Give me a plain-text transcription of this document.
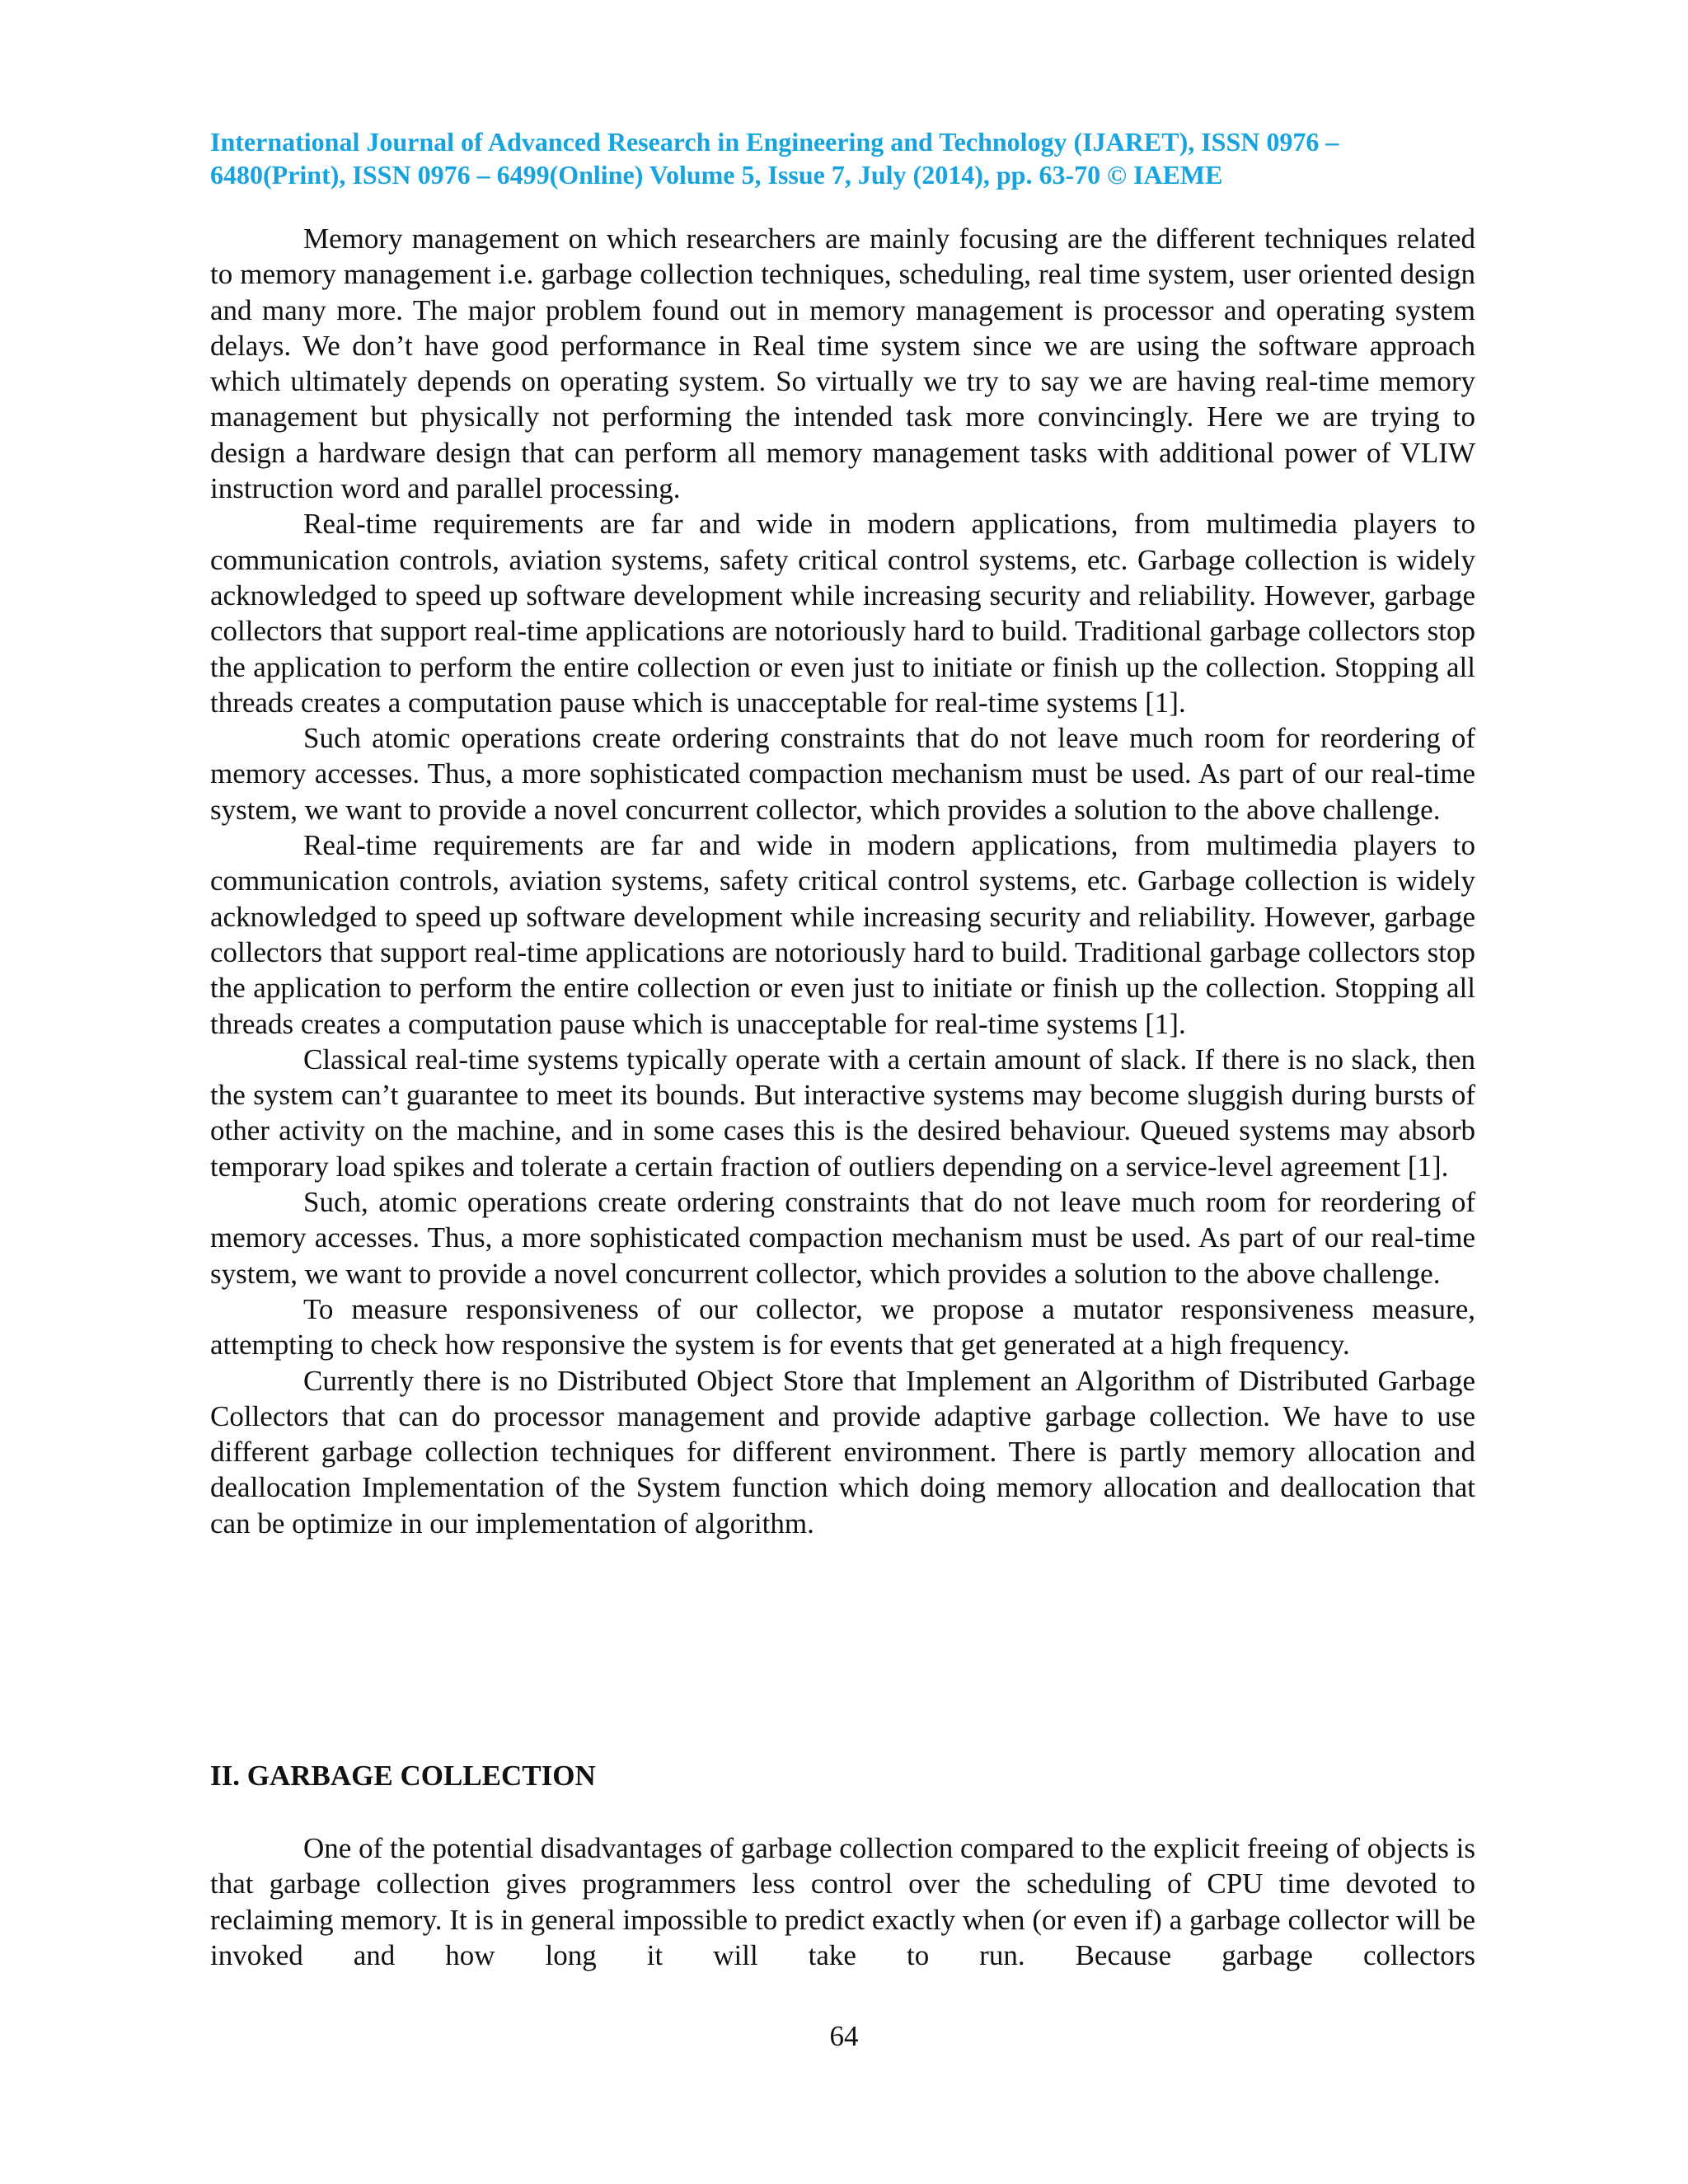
International Journal of Advanced Research in Engineering and Technology (IJARET), ISSN 0976 –
6480(Print), ISSN 0976 – 6499(Online) Volume 5, Issue 7, July (2014), pp. 63-70 © IAEME

Memory management on which researchers are mainly focusing are the different techniques related to memory management i.e. garbage collection techniques, scheduling, real time system, user oriented design and many more. The major problem found out in memory management is processor and operating system delays. We don’t have good performance in Real time system since we are using the software approach which ultimately depends on operating system. So virtually we try to say we are having real-time memory management but physically not performing the intended task more convincingly. Here we are trying to design a hardware design that can perform all memory management tasks with additional power of VLIW instruction word and parallel processing.

Real-time requirements are far and wide in modern applications, from multimedia players to communication controls, aviation systems, safety critical control systems, etc. Garbage collection is widely acknowledged to speed up software development while increasing security and reliability. However, garbage collectors that support real-time applications are notoriously hard to build. Traditional garbage collectors stop the application to perform the entire collection or even just to initiate or finish up the collection. Stopping all threads creates a computation pause which is unacceptable for real-time systems [1].

Such atomic operations create ordering constraints that do not leave much room for reordering of memory accesses. Thus, a more sophisticated compaction mechanism must be used. As part of our real-time system, we want to provide a novel concurrent collector, which provides a solution to the above challenge.

Real-time requirements are far and wide in modern applications, from multimedia players to communication controls, aviation systems, safety critical control systems, etc. Garbage collection is widely acknowledged to speed up software development while increasing security and reliability. However, garbage collectors that support real-time applications are notoriously hard to build. Traditional garbage collectors stop the application to perform the entire collection or even just to initiate or finish up the collection. Stopping all threads creates a computation pause which is unacceptable for real-time systems [1].

Classical real-time systems typically operate with a certain amount of slack. If there is no slack, then the system can’t guarantee to meet its bounds. But interactive systems may become sluggish during bursts of other activity on the machine, and in some cases this is the desired behaviour. Queued systems may absorb temporary load spikes and tolerate a certain fraction of outliers depending on a service-level agreement [1].

Such, atomic operations create ordering constraints that do not leave much room for reordering of memory accesses. Thus, a more sophisticated compaction mechanism must be used. As part of our real-time system, we want to provide a novel concurrent collector, which provides a solution to the above challenge.

To measure responsiveness of our collector, we propose a mutator responsiveness measure, attempting to check how responsive the system is for events that get generated at a high frequency.

Currently there is no Distributed Object Store that Implement an Algorithm of Distributed Garbage Collectors that can do processor management and provide adaptive garbage collection. We have to use different garbage collection techniques for different environment. There is partly memory allocation and deallocation Implementation of the System function which doing memory allocation and deallocation that can be optimize in our implementation of algorithm.

II. GARBAGE COLLECTION

One of the potential disadvantages of garbage collection compared to the explicit freeing of objects is that garbage collection gives programmers less control over the scheduling of CPU time devoted to reclaiming memory. It is in general impossible to predict exactly when (or even if) a garbage collector will be invoked and how long it will take to run. Because garbage collectors

64
